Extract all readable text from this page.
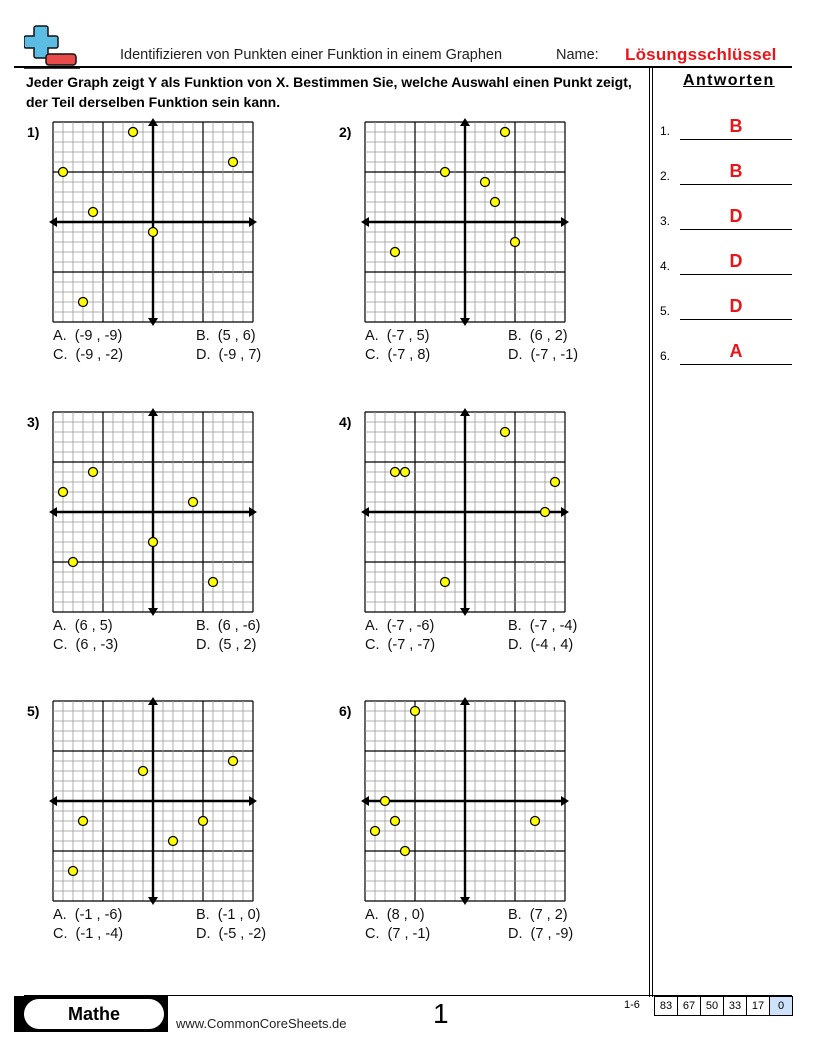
Identifizieren von Punkten einer Funktion in einem Graphen	Name: Lösungsschlüssel
Jeder Graph zeigt Y als Funktion von X. Bestimmen Sie, welche Auswahl einen Punkt zeigt, der Teil derselben Funktion sein kann.
Antworten
1.	B
2.	B
3.	D
4.	D
5.	D
6.	A
1)
A.  (-9 , -9)	B.  (5 , 6)
C.  (-9 , -2)	D.  (-9 , 7)
2)
A.  (-7 , 5)	B.  (6 , 2)
C.  (-7 , 8)	D.  (-7 , -1)
3)
A.  (6 , 5)	B.  (6 , -6)
C.  (6 , -3)	D.  (5 , 2)
4)
A.  (-7 , -6)	B.  (-7 , -4)
C.  (-7 , -7)	D.  (-4 , 4)
5)
A.  (-1 , -6)	B.  (-1 , 0)
C.  (-1 , -4)	D.  (-5 , -2)
6)
A.  (8 , 0)	B.  (7 , 2)
C.  (7 , -1)	D.  (7 , -9)
Mathe	www.CommonCoreSheets.de	1	1-6	83 67 50 33 17	0
